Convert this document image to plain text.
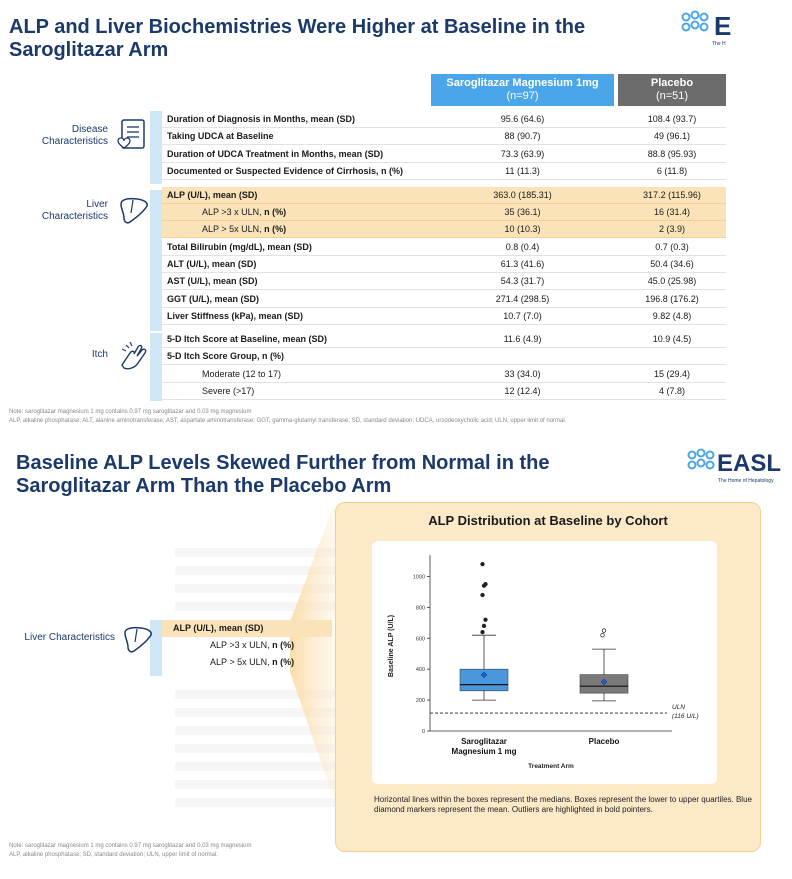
ALP and Liver Biochemistries Were Higher at Baseline in the Saroglitazar Arm
E
The H
Saroglitazar Magnesium 1mg
(n=97)
Placebo
(n=51)
Disease Characteristics
Liver Characteristics
Itch
Duration of Diagnosis in Months, mean (SD)	95.6 (64.6)	108.4 (93.7)
Taking UDCA at Baseline	88 (90.7)	49 (96.1)
Duration of UDCA Treatment in Months, mean (SD)	73.3 (63.9)	88.8 (95.93)
Documented or Suspected Evidence of Cirrhosis, n (%)	11 (11.3)	6 (11.8)
ALP (U/L), mean (SD)	363.0 (185.31)	317.2 (115.96)
ALP >3 x ULN, n (%)	35 (36.1)	16 (31.4)
ALP > 5x ULN, n (%)	10 (10.3)	2 (3.9)
Total Bilirubin (mg/dL), mean (SD)	0.8 (0.4)	0.7 (0.3)
ALT (U/L), mean (SD)	61.3 (41.6)	50.4 (34.6)
AST (U/L), mean (SD)	54.3 (31.7)	45.0 (25.98)
GGT (U/L), mean (SD)	271.4 (298.5)	196.8 (176.2)
Liver Stiffness (kPa), mean (SD)	10.7 (7.0)	9.82 (4.8)
5-D Itch Score at Baseline, mean (SD)	11.6 (4.9)	10.9 (4.5)
5-D Itch Score Group, n (%)
Moderate (12 to 17)	33 (34.0)	15 (29.4)
Severe (>17)	12 (12.4)	4 (7.8)
Note: saroglitazar magnesium 1 mg contains 0.97 mg saroglitazar and 0.03 mg magnesium
ALP, alkaline phosphatase; ALT, alanine aminotransferase; AST, aspartate aminotransferase; GGT, gamma-glutamyl transferase; SD, standard deviation; UDCA, ursodeoxycholic acid; ULN, upper limit of normal.
Baseline ALP Levels Skewed Further from Normal in the Saroglitazar Arm Than the Placebo Arm
EASL
The Home of Hepatology
Liver Characteristics
ALP (U/L), mean (SD)
ALP >3 x ULN, n (%)
ALP > 5x ULN, n (%)
ALP Distribution at Baseline by Cohort
0
200
400
600
800
1000
Baseline ALP (U/L)
ULN
(116 U/L)
Saroglitazar
Magnesium 1 mg
Placebo
Treatment Arm
Horizontal lines within the boxes represent the medians. Boxes represent the lower to upper quartiles. Blue diamond markers represent the mean. Outliers are highlighted in bold pointers.
Note: saroglitazar magnesium 1 mg contains 0.97 mg saroglitazar and 0.03 mg magnesium
ALP, alkaline phosphatase; SD, standard deviation; ULN, upper limit of normal.
